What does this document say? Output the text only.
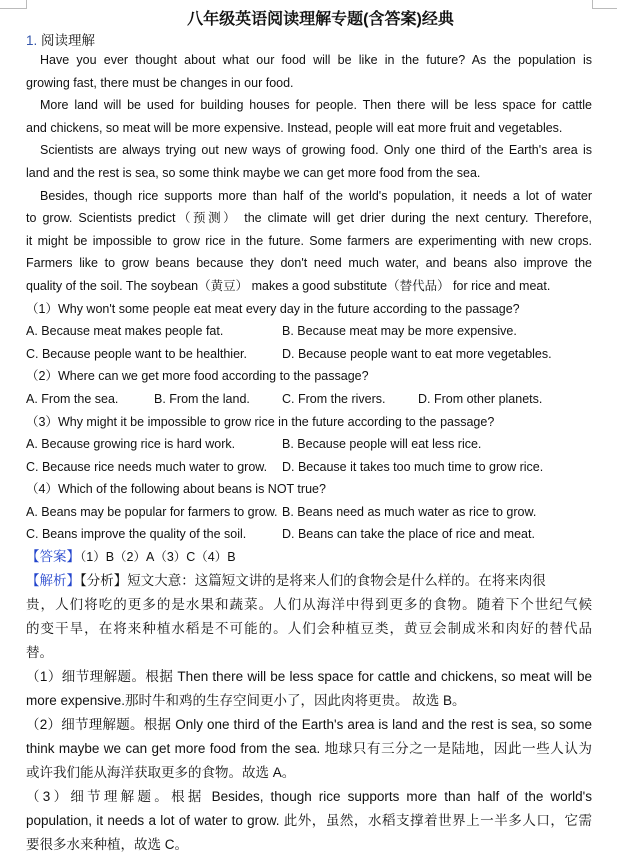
八年级英语阅读理解专题(含答案)经典
1. 阅读理解
Have you ever thought about what our food will be like in the future? As the population is
growing fast, there must be changes in our food.
More land will be used for building houses for people. Then there will be less space for cattle
and chickens, so meat will be more expensive. Instead, people will eat more fruit and vegetables.
Scientists are always trying out new ways of growing food. Only one third of the Earth's area is
land and the rest is sea, so some think maybe we can get more food from the sea.
Besides, though rice supports more than half of the world's population, it needs a lot of water
to grow. Scientists predict（预测） the climate will get drier during the next century. Therefore,
it might be impossible to grow rice in the future. Some farmers are experimenting with new crops.
Farmers like to grow beans because they don't need much water, and beans also improve the
quality of the soil. The soybean（黄豆） makes a good substitute（替代品） for rice and meat.
（1）Why won't some people eat meat every day in the future according to the passage?
A. Because meat makes people fat.	B. Because meat may be more expensive.
C. Because people want to be healthier.	D. Because people want to eat more vegetables.
（2）Where can we get more food according to the passage?
A. From the sea.	B. From the land.	C. From the rivers.	D. From other planets.
（3）Why might it be impossible to grow rice in the future according to the passage?
A. Because growing rice is hard work.	B. Because people will eat less rice.
C. Because rice needs much water to grow. D. Because it takes too much time to grow rice.
（4）Which of the following about beans is NOT true?
A. Beans may be popular for farmers to grow. B. Beans need as much water as rice to grow.
C. Beans improve the quality of the soil.	D. Beans can take the place of rice and meat.
【答案】（1）B（2）A（3）C（4）B
【解析】【分析】短文大意：这篇短文讲的是将来人们的食物会是什么样的。在将来肉很
贵，人们将吃的更多的是水果和蔬菜。人们从海洋中得到更多的食物。随着下个世纪气候
的变干旱，在将来种植水稻是不可能的。人们会种植豆类，黄豆会制成米和肉好的替代品
替。
（1）细节理解题。根据 Then there will be less space for cattle and chickens, so meat will be
more expensive.那时牛和鸡的生存空间更小了，因此肉将更贵。 故选 B。
（2）细节理解题。根据 Only one third of the Earth's area is land and the rest is sea, so some
think maybe we can get more food from the sea. 地球只有三分之一是陆地，因此一些人认为
或许我们能从海洋获取更多的食物。故选 A。
（3）细节理解题。根据 Besides, though rice supports more than half of the world's
population, it needs a lot of water to grow. 此外，虽然，水稻支撑着世界上一半多人口，它需
要很多水来种植，故选 C。
